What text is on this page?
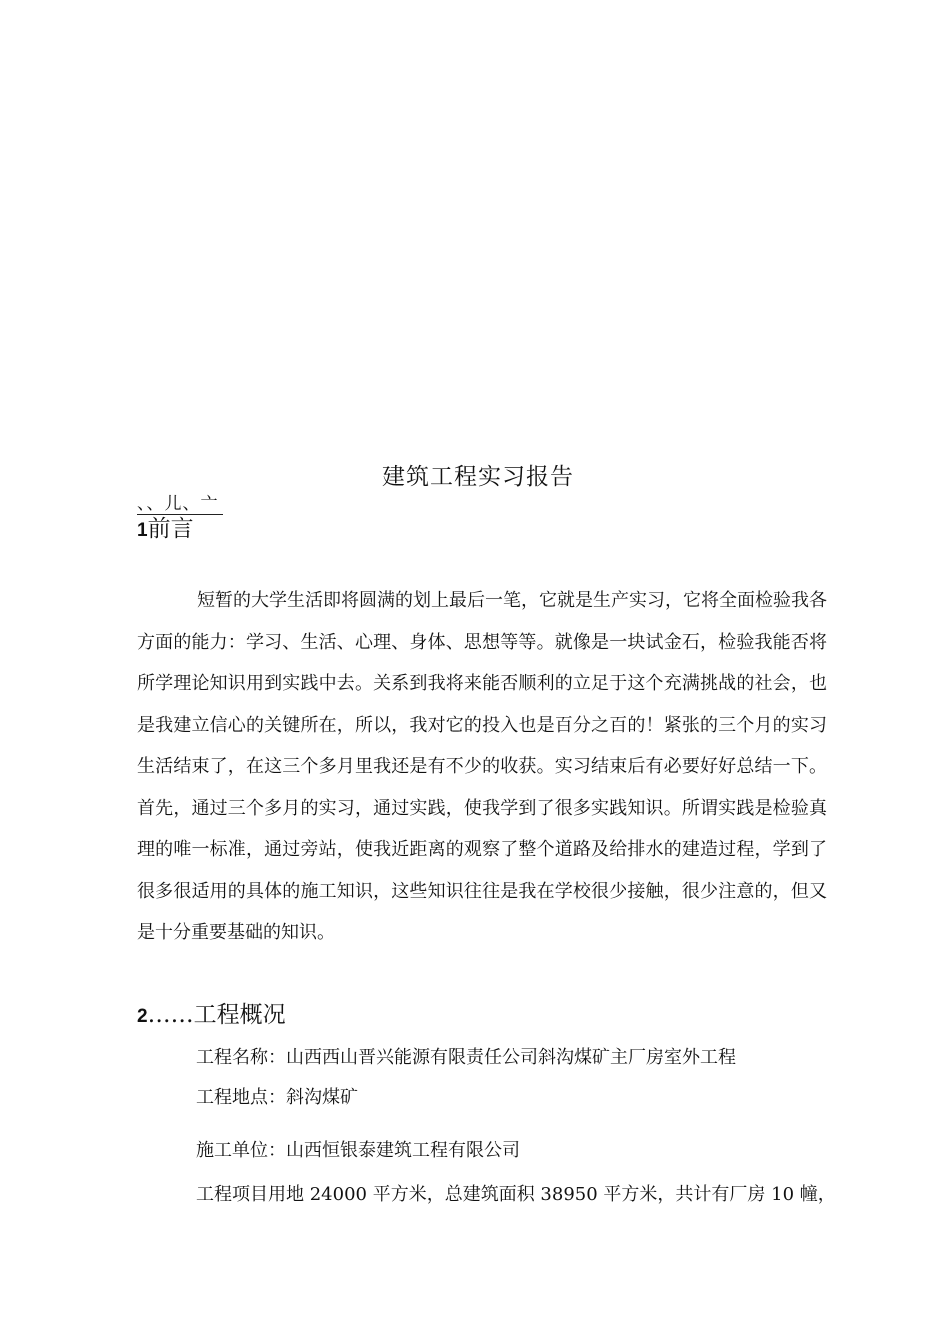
建筑工程实习报告
、、儿、亠
1前言
短暂的大学生活即将圆满的划上最后一笔，它就是生产实习，它将全面检验我各方面的能力：学习、生活、心理、身体、思想等等。就像是一块试金石，检验我能否将所学理论知识用到实践中去。关系到我将来能否顺利的立足于这个充满挑战的社会，也是我建立信心的关键所在，所以，我对它的投入也是百分之百的！紧张的三个月的实习生活结束了，在这三个多月里我还是有不少的收获。实习结束后有必要好好总结一下。首先，通过三个多月的实习，通过实践，使我学到了很多实践知识。所谓实践是检验真理的唯一标准，通过旁站，使我近距离的观察了整个道路及给排水的建造过程，学到了很多很适用的具体的施工知识，这些知识往往是我在学校很少接触，很少注意的，但又是十分重要基础的知识。
2……工程概况
工程名称：山西西山晋兴能源有限责任公司斜沟煤矿主厂房室外工程
工程地点：斜沟煤矿
施工单位：山西恒银泰建筑工程有限公司
工程项目用地 24000 平方米，总建筑面积 38950 平方米，共计有厂房 10 幢，
